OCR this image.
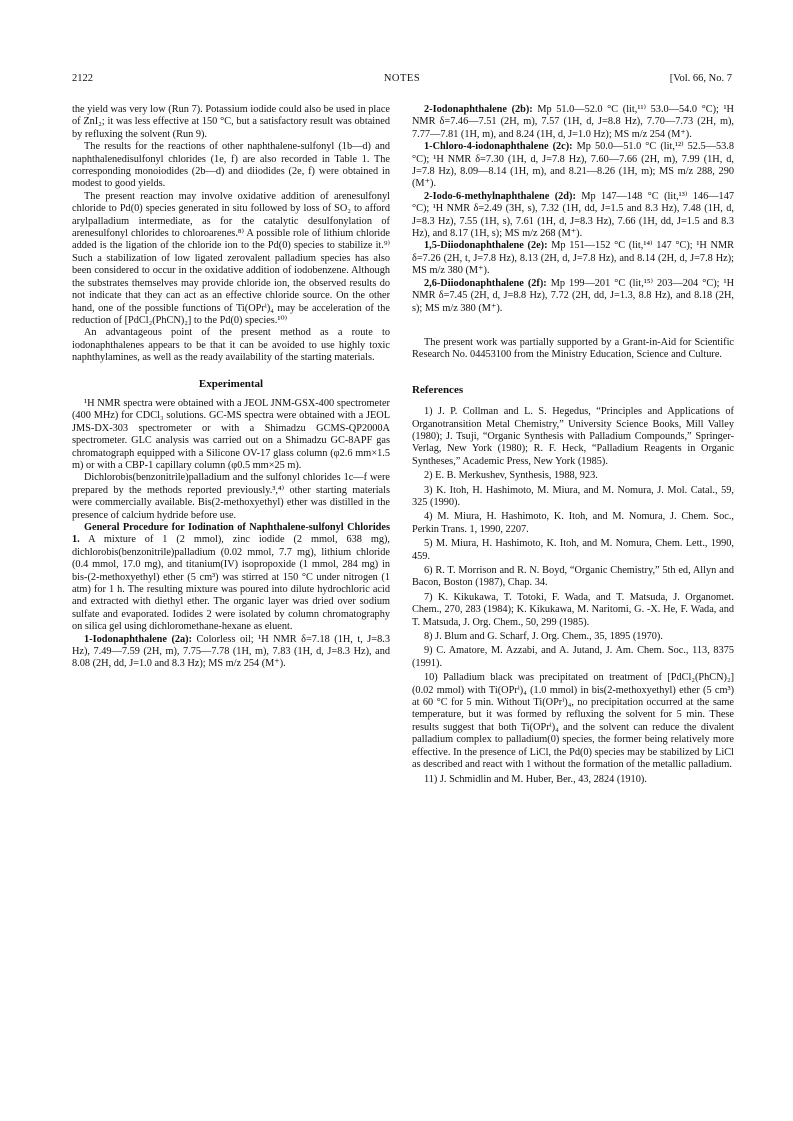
2122	NOTES	[Vol. 66, No. 7

the yield was very low (Run 7). Potassium iodide could also be used in place of ZnI₂; it was less effective at 150 °C, but a satisfactory result was obtained by refluxing the solvent (Run 9).

The results for the reactions of other naphthalene-sulfonyl (1b—d) and naphthalenedisulfonyl chlorides (1e, f) are also recorded in Table 1. The corresponding monoiodides (2b—d) and diiodides (2e, f) were obtained in modest to good yields.

The present reaction may involve oxidative addition of arenesulfonyl chloride to Pd(0) species generated in situ followed by loss of SO₂ to afford arylpalladium intermediate, as for the catalytic desulfonylation of arenesulfonyl chlorides to chloroarenes.⁸⁾ A possible role of lithium chloride added is the ligation of the chloride ion to the Pd(0) species to stabilize it.⁹⁾ Such a stabilization of low ligated zerovalent palladium species has also been considered to occur in the oxidative addition of iodobenzene. Although the substrates themselves may provide chloride ion, the observed results do not indicate that they can act as an effective chloride source. On the other hand, one of the possible functions of Ti(OPrⁱ)₄ may be acceleration of the reduction of [PdCl₂(PhCN)₂] to the Pd(0) species.¹⁰⁾

An advantageous point of the present method as a route to iodonaphthalenes appears to be that it can be avoided to use highly toxic naphthylamines, as well as the ready availability of the starting materials.

Experimental

¹H NMR spectra were obtained with a JEOL JNM-GSX-400 spectrometer (400 MHz) for CDCl₃ solutions. GC-MS spectra were obtained with a JEOL JMS-DX-303 spectrometer or with a Shimadzu GCMS-QP2000A spectrometer. GLC analysis was carried out on a Shimadzu GC-8APF gas chromatograph equipped with a Silicone OV-17 glass column (φ2.6 mm×1.5 m) or with a CBP-1 capillary column (φ0.5 mm×25 m).

Dichlorobis(benzonitrile)palladium and the sulfonyl chlorides 1c—f were prepared by the methods reported previously.³,⁴⁾ other starting materials were commercially available. Bis(2-methoxyethyl) ether was distilled in the presence of calcium hydride before use.

General Procedure for Iodination of Naphthalene-sulfonyl Chlorides 1. A mixture of 1 (2 mmol), zinc iodide (2 mmol, 638 mg), dichlorobis(benzonitrile)palladium (0.02 mmol, 7.7 mg), lithium chloride (0.4 mmol, 17.0 mg), and titanium(IV) isopropoxide (1 mmol, 284 mg) in bis-(2-methoxyethyl) ether (5 cm³) was stirred at 150 °C under nitrogen (1 atm) for 1 h. The resulting mixture was poured into dilute hydrochloric acid and extracted with diethyl ether. The organic layer was dried over sodium sulfate and evaporated. Iodides 2 were isolated by column chromatography on silica gel using dichloromethane-hexane as eluent.

1-Iodonaphthalene (2a): Colorless oil; ¹H NMR δ=7.18 (1H, t, J=8.3 Hz), 7.49—7.59 (2H, m), 7.75—7.78 (1H, m), 7.83 (1H, d, J=8.3 Hz), and 8.08 (2H, dd, J=1.0 and 8.3 Hz); MS m/z 254 (M⁺).

2-Iodonaphthalene (2b): Mp 51.0—52.0 °C (lit,¹¹⁾ 53.0—54.0 °C); ¹H NMR δ=7.46—7.51 (2H, m), 7.57 (1H, d, J=8.8 Hz), 7.70—7.73 (2H, m), 7.77—7.81 (1H, m), and 8.24 (1H, d, J=1.0 Hz); MS m/z 254 (M⁺).

1-Chloro-4-iodonaphthalene (2c): Mp 50.0—51.0 °C (lit,¹²⁾ 52.5—53.8 °C); ¹H NMR δ=7.30 (1H, d, J=7.8 Hz), 7.60—7.66 (2H, m), 7.99 (1H, d, J=7.8 Hz), 8.09—8.14 (1H, m), and 8.21—8.26 (1H, m); MS m/z 288, 290 (M⁺).

2-Iodo-6-methylnaphthalene (2d): Mp 147—148 °C (lit,¹³⁾ 146—147 °C); ¹H NMR δ=2.49 (3H, s), 7.32 (1H, dd, J=1.5 and 8.3 Hz), 7.48 (1H, d, J=8.3 Hz), 7.55 (1H, s), 7.61 (1H, d, J=8.3 Hz), 7.66 (1H, dd, J=1.5 and 8.3 Hz), and 8.17 (1H, s); MS m/z 268 (M⁺).

1,5-Diiodonaphthalene (2e): Mp 151—152 °C (lit,¹⁴⁾ 147 °C); ¹H NMR δ=7.26 (2H, t, J=7.8 Hz), 8.13 (2H, d, J=7.8 Hz), and 8.14 (2H, d, J=7.8 Hz); MS m/z 380 (M⁺).

2,6-Diiodonaphthalene (2f): Mp 199—201 °C (lit,¹⁵⁾ 203—204 °C); ¹H NMR δ=7.45 (2H, d, J=8.8 Hz), 7.72 (2H, dd, J=1.3, 8.8 Hz), and 8.18 (2H, s); MS m/z 380 (M⁺).

The present work was partially supported by a Grant-in-Aid for Scientific Research No. 04453100 from the Ministry Education, Science and Culture.

References
1) J. P. Collman and L. S. Hegedus, “Principles and Applications of Organotransition Metal Chemistry,” University Science Books, Mill Valley (1980); J. Tsuji, “Organic Synthesis with Palladium Compounds,” Springer-Verlag, New York (1980); R. F. Heck, “Palladium Reagents in Organic Syntheses,” Academic Press, New York (1985).
2) E. B. Merkushev, Synthesis, 1988, 923.
3) K. Itoh, H. Hashimoto, M. Miura, and M. Nomura, J. Mol. Catal., 59, 325 (1990).
4) M. Miura, H. Hashimoto, K. Itoh, and M. Nomura, J. Chem. Soc., Perkin Trans. 1, 1990, 2207.
5) M. Miura, H. Hashimoto, K. Itoh, and M. Nomura, Chem. Lett., 1990, 459.
6) R. T. Morrison and R. N. Boyd, “Organic Chemistry,” 5th ed, Allyn and Bacon, Boston (1987), Chap. 34.
7) K. Kikukawa, T. Totoki, F. Wada, and T. Matsuda, J. Organomet. Chem., 270, 283 (1984); K. Kikukawa, M. Naritomi, G. -X. He, F. Wada, and T. Matsuda, J. Org. Chem., 50, 299 (1985).
8) J. Blum and G. Scharf, J. Org. Chem., 35, 1895 (1970).
9) C. Amatore, M. Azzabi, and A. Jutand, J. Am. Chem. Soc., 113, 8375 (1991).
10) Palladium black was precipitated on treatment of [PdCl₂(PhCN)₂] (0.02 mmol) with Ti(OPrⁱ)₄ (1.0 mmol) in bis(2-methoxyethyl) ether (5 cm³) at 60 °C for 5 min. Without Ti(OPrⁱ)₄, no precipitation occurred at the same temperature, but it was formed by refluxing the solvent for 5 min. These results suggest that both Ti(OPrⁱ)₄ and the solvent can reduce the divalent palladium complex to palladium(0) species, the former being relatively more effective. In the presence of LiCl, the Pd(0) species may be stabilized by LiCl as described and react with 1 without the formation of the metallic palladium.
11) J. Schmidlin and M. Huber, Ber., 43, 2824 (1910).
